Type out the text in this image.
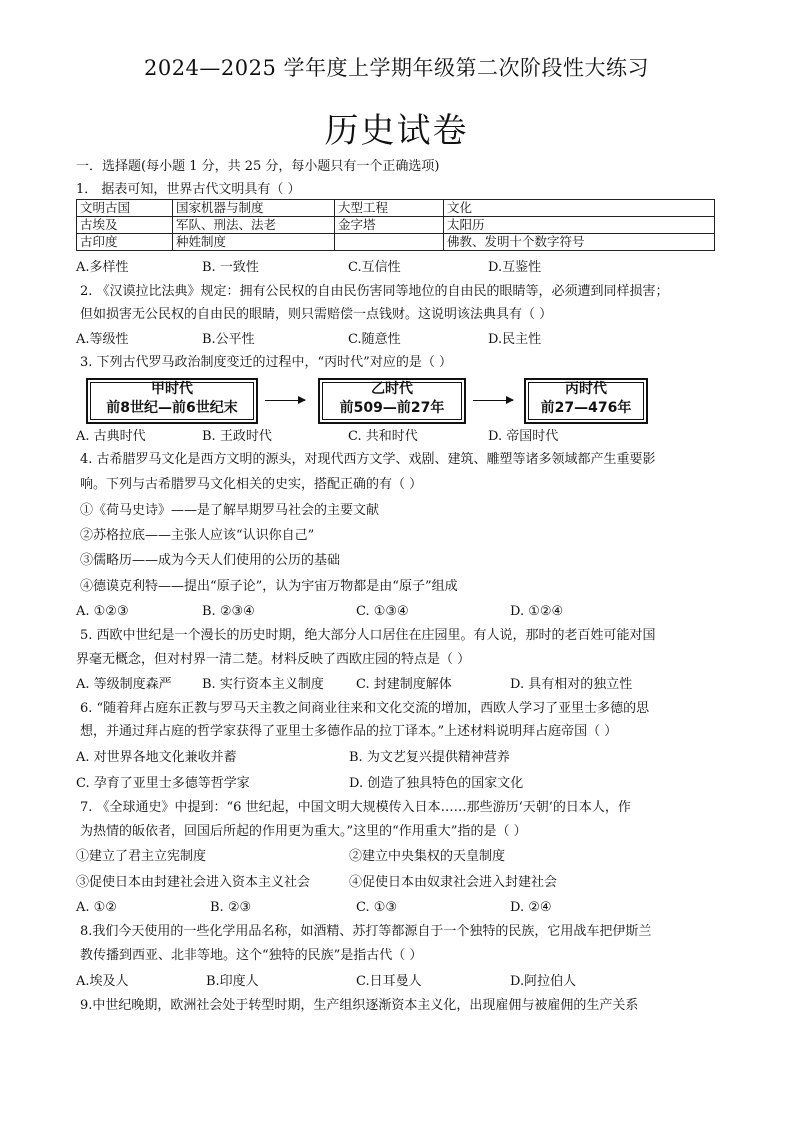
2024—2025 学年度上学期年级第二次阶段性大练习
历史试卷
一．选择题(每小题 1 分，共 25 分，每小题只有一个正确选项)
1． 据表可知，世界古代文明具有（ ）
文明古国	国家机器与制度	大型工程	文化
古埃及	军队、刑法、法老	金字塔	太阳历
古印度	种姓制度		佛教、发明十个数字符号
A.多样性	B. 一致性	C.互信性	D.互鉴性
2. 《汉谟拉比法典》规定：拥有公民权的自由民伤害同等地位的自由民的眼睛等，必须遭到同样损害；
但如损害无公民权的自由民的眼睛，则只需赔偿一点钱财。这说明该法典具有（ ）
A.等级性	B.公平性	C.随意性	D.民主性
3. 下列古代罗马政治制度变迁的过程中，“丙时代”对应的是（ ）
甲时代
前8世纪—前6世纪末
乙时代
前509—前27年
丙时代
前27—476年
A. 古典时代	B. 王政时代	C. 共和时代	D. 帝国时代
4. 古希腊罗马文化是西方文明的源头，对现代西方文学、戏剧、建筑、雕塑等诸多领域都产生重要影
响。下列与古希腊罗马文化相关的史实，搭配正确的有（ ）
①《荷马史诗》——是了解早期罗马社会的主要文献
②苏格拉底——主张人应该“认识你自己”
③儒略历——成为今天人们使用的公历的基础
④德谟克利特——提出“原子论”，认为宇宙万物都是由“原子”组成
A. ①②③	B. ②③④	C. ①③④	D. ①②④
5. 西欧中世纪是一个漫长的历史时期，绝大部分人口居住在庄园里。有人说，那时的老百姓可能对国
界毫无概念，但对村界一清二楚。材料反映了西欧庄园的特点是（ ）
A. 等级制度森严 B. 实行资本主义制度 C. 封建制度解体	D. 具有相对的独立性
6. “随着拜占庭东正教与罗马天主教之间商业往来和文化交流的增加，西欧人学习了亚里士多德的思
想，并通过拜占庭的哲学家获得了亚里士多德作品的拉丁译本。”上述材料说明拜占庭帝国（ ）
A. 对世界各地文化兼收并蓄	B. 为文艺复兴提供精神营养
C. 孕育了亚里士多德等哲学家	D. 创造了独具特色的国家文化
7. 《全球通史》中提到：“6 世纪起，中国文明大规模传入日本……那些游历‘天朝’的日本人，作
为热情的皈依者，回国后所起的作用更为重大。”这里的“作用重大”指的是（ ）
①建立了君主立宪制度	②建立中央集权的天皇制度
③促使日本由封建社会进入资本主义社会	④促使日本由奴隶社会进入封建社会
A. ①②	B. ②③	C. ①③	D. ②④
8.我们今天使用的一些化学用品名称，如酒精、苏打等都源自于一个独特的民族，它用战车把伊斯兰
教传播到西亚、北非等地。这个“独特的民族”是指古代（ ）
A.埃及人	B.印度人	C.日耳曼人	D.阿拉伯人
9.中世纪晚期，欧洲社会处于转型时期，生产组织逐渐资本主义化，出现雇佣与被雇佣的生产关系
